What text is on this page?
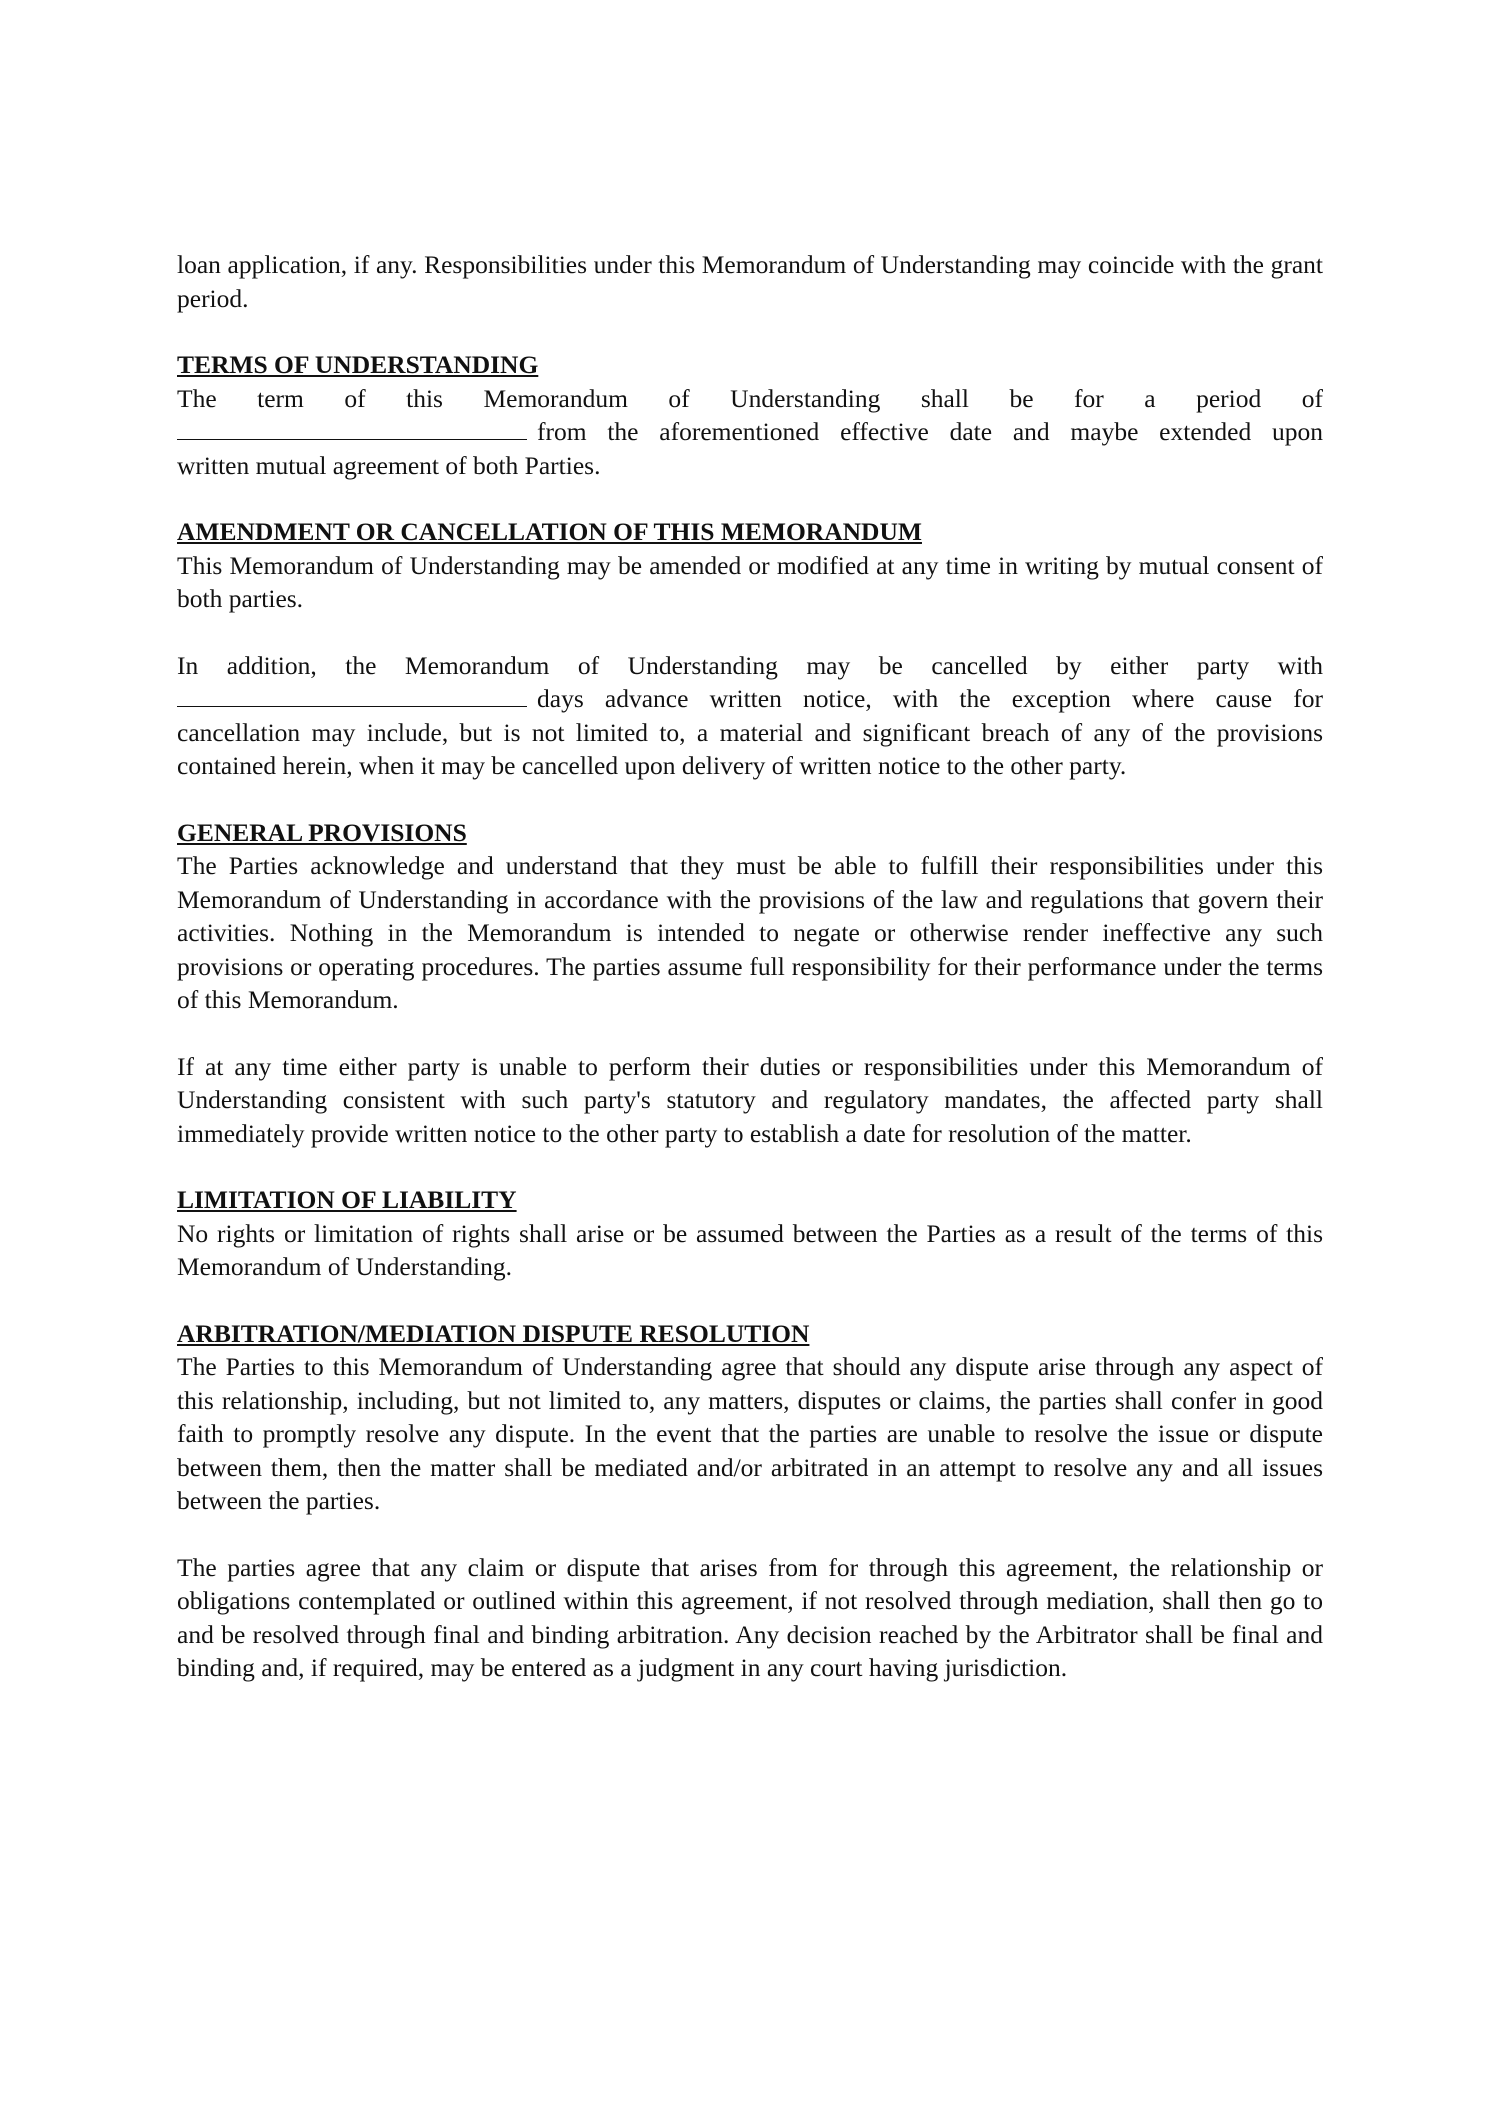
loan application, if any. Responsibilities under this Memorandum of Understanding may coincide with the grant period.

TERMS OF UNDERSTANDING
The term of this Memorandum of Understanding shall be for a period of
from the aforementioned effective date and maybe extended upon

written mutual agreement of both Parties.

AMENDMENT OR CANCELLATION OF THIS MEMORANDUM

This Memorandum of Understanding may be amended or modified at any time in writing by mutual consent of both parties.

In addition, the Memorandum of Understanding may be cancelled by either party with
days advance written notice, with the exception where cause for

cancellation may include, but is not limited to, a material and significant breach of any of the provisions contained herein, when it may be cancelled upon delivery of written notice to the other party.

GENERAL PROVISIONS

The Parties acknowledge and understand that they must be able to fulfill their responsibilities under this Memorandum of Understanding in accordance with the provisions of the law and regulations that govern their activities. Nothing in the Memorandum is intended to negate or otherwise render ineffective any such provisions or operating procedures. The parties assume full responsibility for their performance under the terms of this Memorandum.

If at any time either party is unable to perform their duties or responsibilities under this Memorandum of Understanding consistent with such party's statutory and regulatory mandates, the affected party shall immediately provide written notice to the other party to establish a date for resolution of the matter.

LIMITATION OF LIABILITY

No rights or limitation of rights shall arise or be assumed between the Parties as a result of the terms of this Memorandum of Understanding.

ARBITRATION/MEDIATION DISPUTE RESOLUTION

The Parties to this Memorandum of Understanding agree that should any dispute arise through any aspect of this relationship, including, but not limited to, any matters, disputes or claims, the parties shall confer in good faith to promptly resolve any dispute. In the event that the parties are unable to resolve the issue or dispute between them, then the matter shall be mediated and/or arbitrated in an attempt to resolve any and all issues between the parties.

The parties agree that any claim or dispute that arises from for through this agreement, the relationship or obligations contemplated or outlined within this agreement, if not resolved through mediation, shall then go to and be resolved through final and binding arbitration. Any decision reached by the Arbitrator shall be final and binding and, if required, may be entered as a judgment in any court having jurisdiction.
